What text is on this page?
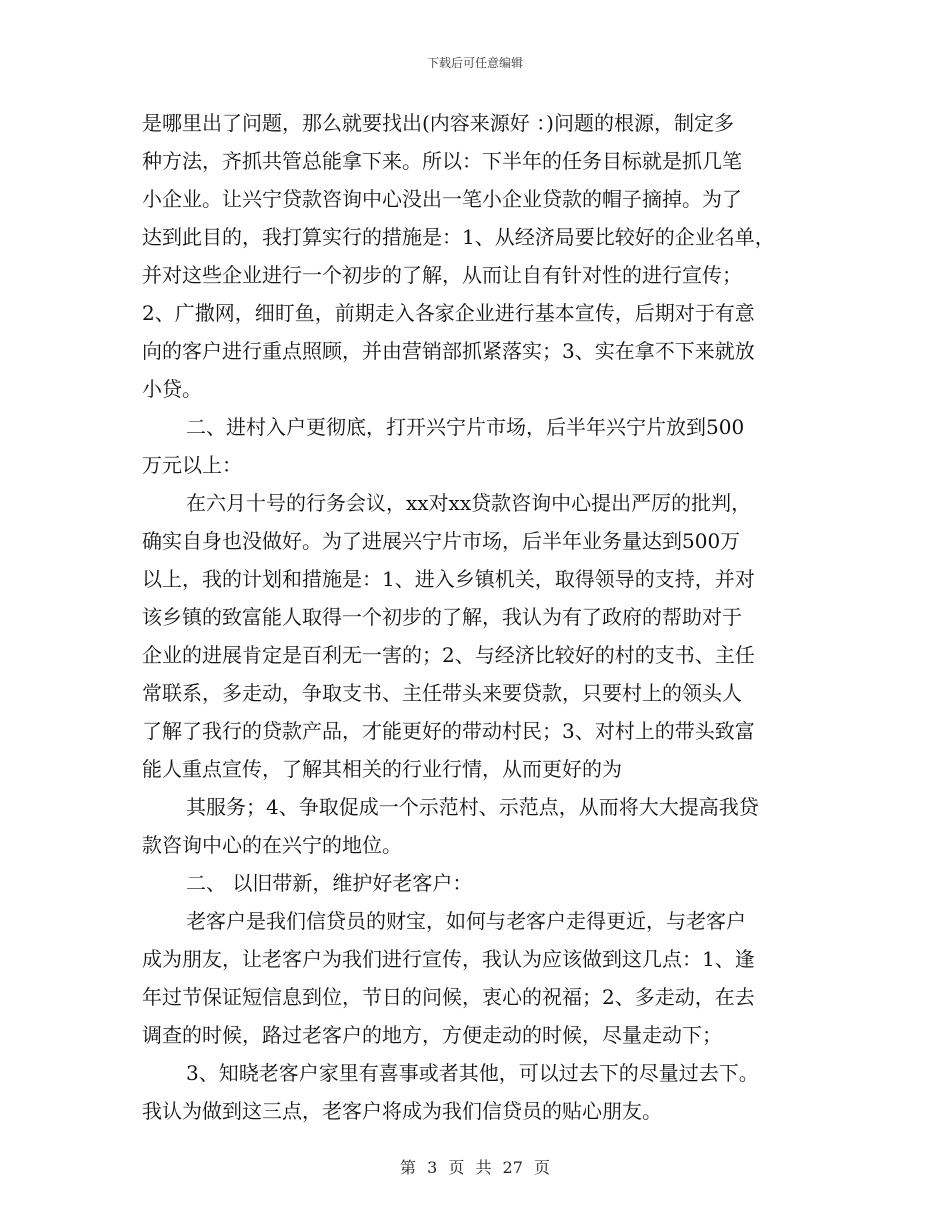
下载后可任意编辑
是哪里出了问题，那么就要找出(内容来源好 ：)问题的根源，制定多
种方法，齐抓共管总能拿下来。所以：下半年的任务目标就是抓几笔
小企业。让兴宁贷款咨询中心没出一笔小企业贷款的帽子摘掉。为了
达到此目的，我打算实行的措施是：1、从经济局要比较好的企业名单，
并对这些企业进行一个初步的了解，从而让自有针对性的进行宣传；
2、广撒网，细盯鱼，前期走入各家企业进行基本宣传，后期对于有意
向的客户进行重点照顾，并由营销部抓紧落实；3、实在拿不下来就放
小贷。
二、进村入户更彻底，打开兴宁片市场，后半年兴宁片放到500
万元以上：
在六月十号的行务会议，xx对xx贷款咨询中心提出严厉的批判，
确实自身也没做好。为了进展兴宁片市场，后半年业务量达到500万
以上，我的计划和措施是：1、进入乡镇机关，取得领导的支持，并对
该乡镇的致富能人取得一个初步的了解，我认为有了政府的帮助对于
企业的进展肯定是百利无一害的；2、与经济比较好的村的支书、主任
常联系，多走动，争取支书、主任带头来要贷款，只要村上的领头人
了解了我行的贷款产品，才能更好的带动村民；3、对村上的带头致富
能人重点宣传，了解其相关的行业行情，从而更好的为
其服务；4、争取促成一个示范村、示范点，从而将大大提高我贷
款咨询中心的在兴宁的地位。
二、 以旧带新，维护好老客户：
老客户是我们信贷员的财宝，如何与老客户走得更近，与老客户
成为朋友，让老客户为我们进行宣传，我认为应该做到这几点：1、逢
年过节保证短信息到位，节日的问候，衷心的祝福；2、多走动，在去
调查的时候，路过老客户的地方，方便走动的时候，尽量走动下；
3、知晓老客户家里有喜事或者其他，可以过去下的尽量过去下。
我认为做到这三点，老客户将成为我们信贷员的贴心朋友。
第 3 页 共 27 页
